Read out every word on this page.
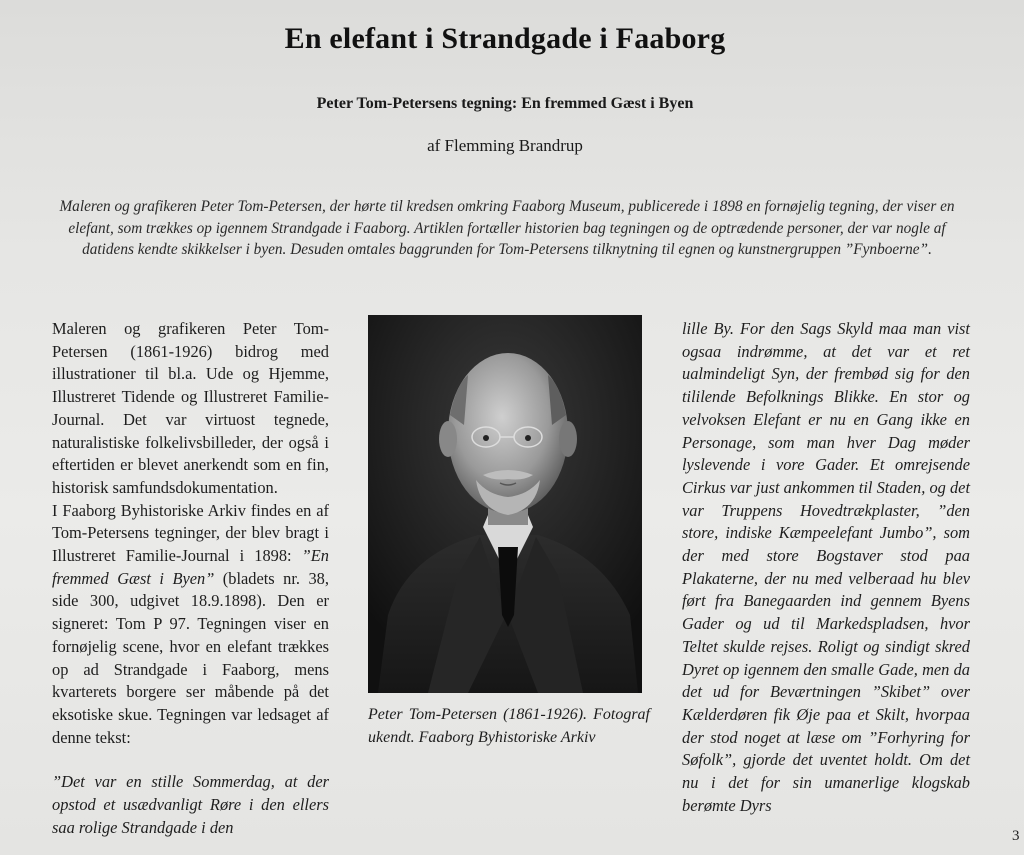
En elefant i Strandgade i Faaborg
Peter Tom-Petersens tegning: En fremmed Gæst i Byen
af Flemming Brandrup
Maleren og grafikeren Peter Tom-Petersen, der hørte til kredsen omkring Faaborg Museum, publicerede i 1898 en fornøjelig tegning, der viser en elefant, som trækkes op igennem Strandgade i Faaborg. Artiklen fortæller historien bag tegningen og de optrædende personer, der var nogle af datidens kendte skikkelser i byen. Desuden omtales baggrunden for Tom-Petersens tilknytning til egnen og kunstnergruppen ”Fynboerne”.

Maleren og grafikeren Peter Tom-Petersen (1861-1926) bidrog med illustrationer til bl.a. Ude og Hjemme, Illustreret Tidende og Illustreret Familie-Journal. Det var virtuost tegnede, naturalistiske folkelivsbilleder, der også i eftertiden er blevet anerkendt som en fin, historisk samfundsdokumentation.

I Faaborg Byhistoriske Arkiv findes en af Tom-Petersens tegninger, der blev bragt i Illustreret Familie-Journal i 1898: ”En fremmed Gæst i Byen” (bladets nr. 38, side 300, udgivet 18.9.1898). Den er signeret: Tom P 97. Tegningen viser en fornøjelig scene, hvor en elefant trækkes op ad Strandgade i Faaborg, mens kvarterets borgere ser måbende på det eksotiske skue. Tegningen var ledsaget af denne tekst:

”Det var en stille Sommerdag, at der opstod et usædvanligt Røre i den ellers saa rolige Strandgade i den

Peter Tom-Petersen (1861-1926). Fotograf ukendt. Faaborg Byhistoriske Arkiv

lille By. For den Sags Skyld maa man vist ogsaa indrømme, at det var et ret ualmindeligt Syn, der frembød sig for den tililende Befolknings Blikke. En stor og velvoksen Elefant er nu en Gang ikke en Personage, som man hver Dag møder lyslevende i vore Gader. Et omrejsende Cirkus var just ankommen til Staden, og det var Truppens Hovedtrækplaster, ”den store, indiske Kæmpeelefant Jumbo”, som der med store Bogstaver stod paa Plakaterne, der nu med velberaad hu blev ført fra Banegaarden ind gennem Byens Gader og ud til Markedspladsen, hvor Teltet skulde rejses. Roligt og sindigt skred Dyret op igennem den smalle Gade, men da det ud for Beværtningen ”Skibet” over Kælderdøren fik Øje paa et Skilt, hvorpaa der stod noget at læse om ”Forhyring for Søfolk”, gjorde det uventet holdt. Om det nu i det for sin umanerlige klogskab berømte Dyrs

3
